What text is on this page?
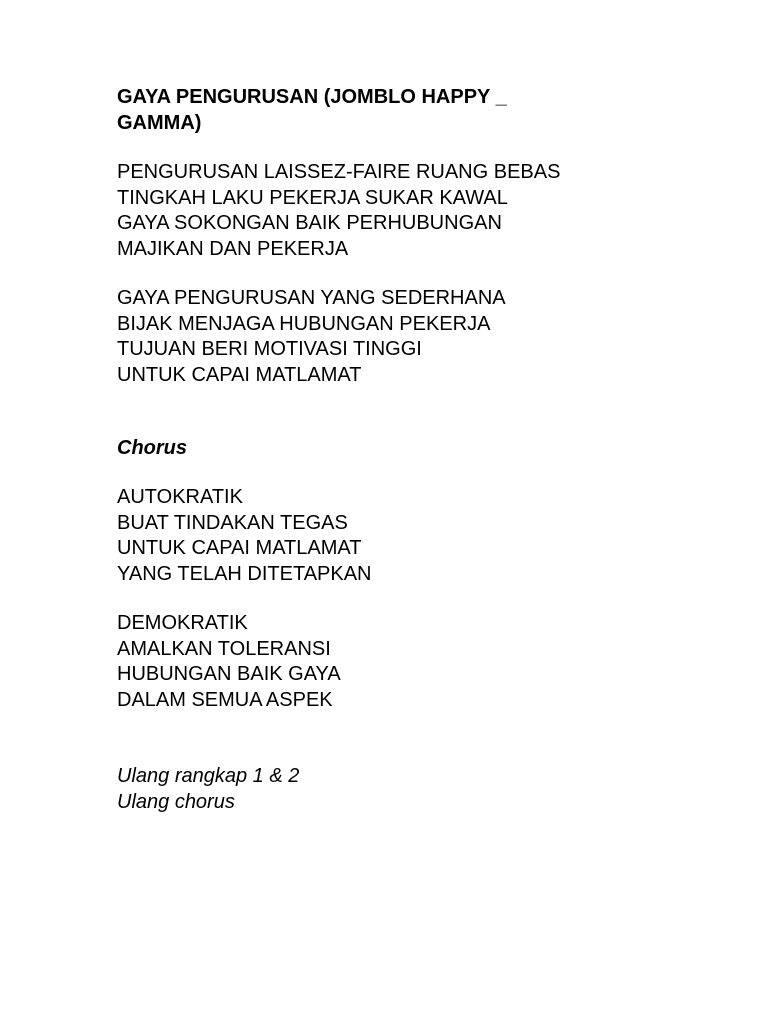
GAYA PENGURUSAN (JOMBLO HAPPY _ GAMMA)

PENGURUSAN LAISSEZ-FAIRE RUANG BEBAS
TINGKAH LAKU PEKERJA SUKAR KAWAL
GAYA SOKONGAN BAIK PERHUBUNGAN
MAJIKAN DAN PEKERJA

GAYA PENGURUSAN YANG SEDERHANA
BIJAK MENJAGA HUBUNGAN PEKERJA
TUJUAN BERI MOTIVASI TINGGI
UNTUK CAPAI MATLAMAT

Chorus

AUTOKRATIK
BUAT TINDAKAN TEGAS
UNTUK CAPAI MATLAMAT
YANG TELAH DITETAPKAN

DEMOKRATIK
AMALKAN TOLERANSI
HUBUNGAN BAIK GAYA
DALAM SEMUA ASPEK

Ulang rangkap 1 & 2
Ulang chorus
